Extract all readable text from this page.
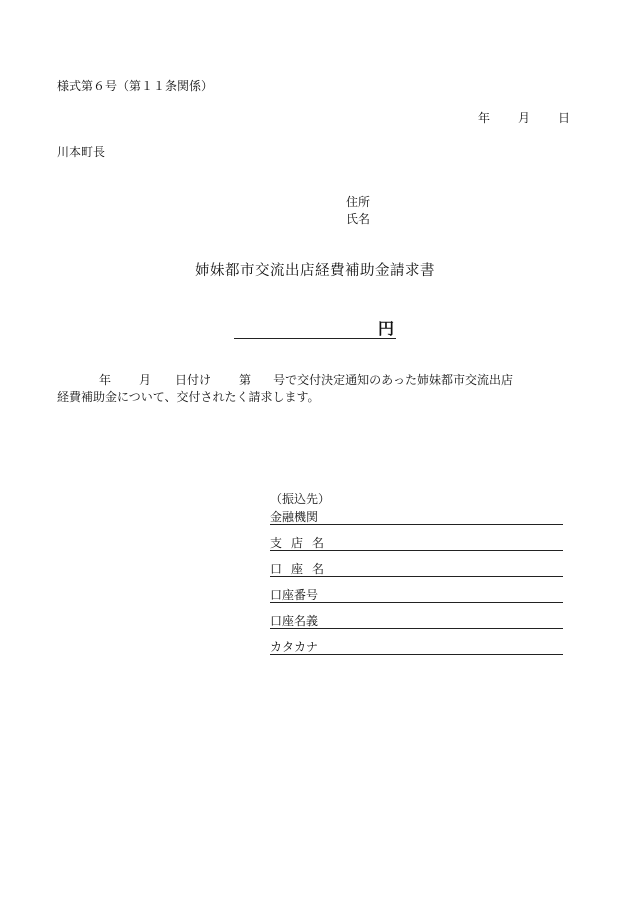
様式第６号（第１１条関係）
年 月 日
川本町長
住所
氏名
姉妹都市交流出店経費補助金請求書
円
年 月 日付け 第 号で交付決定通知のあった姉妹都市交流出店
経費補助金について、交付されたく請求します。
（振込先）
金融機関
支店名
口座名
口座番号
口座名義
カタカナ
